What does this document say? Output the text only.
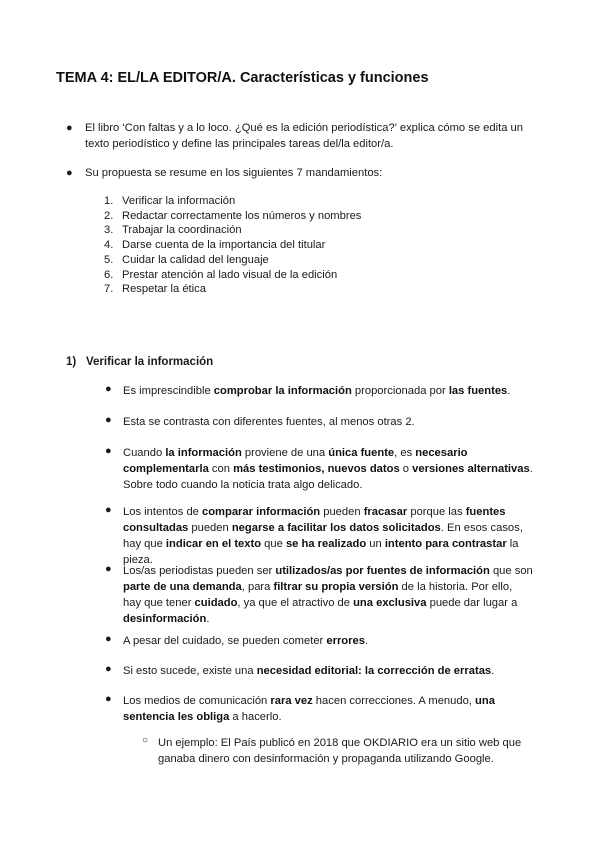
TEMA 4: EL/LA EDITOR/A. Características y funciones
● El libro ‘Con faltas y a lo loco. ¿Qué es la edición periodística?’ explica cómo se edita un texto periodístico y define las principales tareas del/la editor/a.
● Su propuesta se resume en los siguientes 7 mandamientos:
1. Verificar la información
2. Redactar correctamente los números y nombres
3. Trabajar la coordinación
4. Darse cuenta de la importancia del titular
5. Cuidar la calidad del lenguaje
6. Prestar atención al lado visual de la edición
7. Respetar la ética
1) Verificar la información
● Es imprescindible comprobar la información proporcionada por las fuentes.
● Esta se contrasta con diferentes fuentes, al menos otras 2.
● Cuando la información proviene de una única fuente, es necesario complementarla con más testimonios, nuevos datos o versiones alternativas. Sobre todo cuando la noticia trata algo delicado.
● Los intentos de comparar información pueden fracasar porque las fuentes consultadas pueden negarse a facilitar los datos solicitados. En esos casos, hay que indicar en el texto que se ha realizado un intento para contrastar la pieza.
● Los/as periodistas pueden ser utilizados/as por fuentes de información que son parte de una demanda, para filtrar su propia versión de la historia. Por ello, hay que tener cuidado, ya que el atractivo de una exclusiva puede dar lugar a desinformación.
● A pesar del cuidado, se pueden cometer errores.
● Si esto sucede, existe una necesidad editorial: la corrección de erratas.
● Los medios de comunicación rara vez hacen correcciones. A menudo, una sentencia les obliga a hacerlo.
○ Un ejemplo: El País publicó en 2018 que OKDIARIO era un sitio web que ganaba dinero con desinformación y propaganda utilizando Google.
